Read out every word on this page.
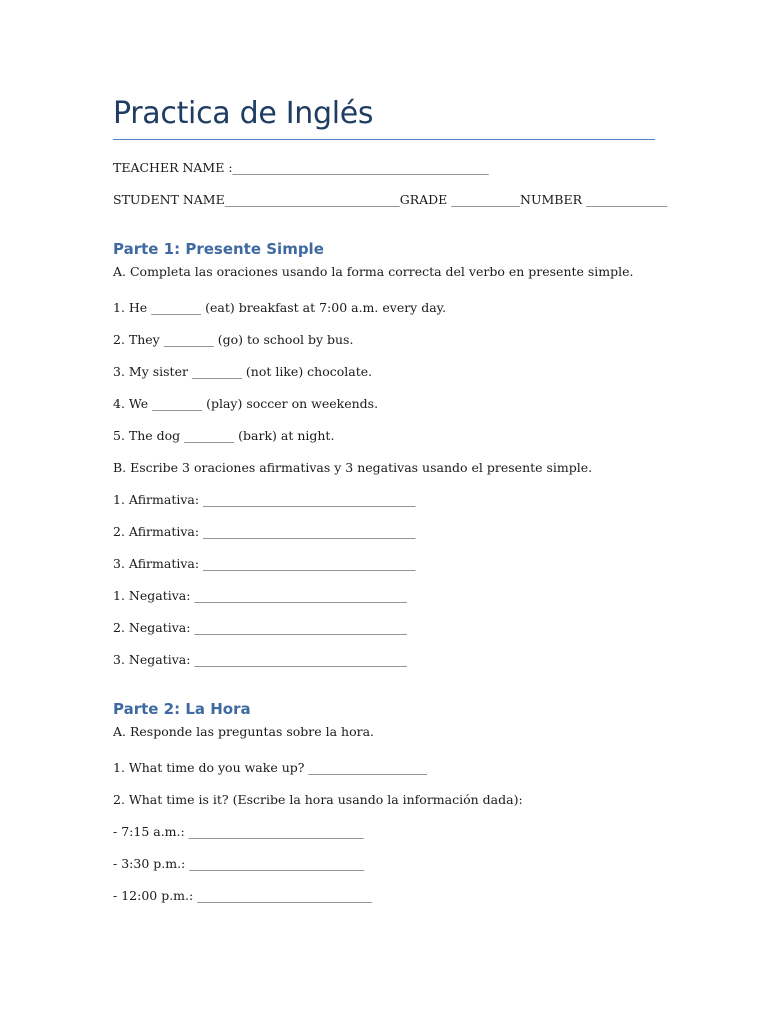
Practica de Inglés
TEACHER NAME :_________________________________________
STUDENT NAME____________________________GRADE ___________NUMBER _____________
Parte 1: Presente Simple
A. Completa las oraciones usando la forma correcta del verbo en presente simple.
1. He ________ (eat) breakfast at 7:00 a.m. every day.
2. They ________ (go) to school by bus.
3. My sister ________ (not like) chocolate.
4. We ________ (play) soccer on weekends.
5. The dog ________ (bark) at night.
B. Escribe 3 oraciones afirmativas y 3 negativas usando el presente simple.
1. Afirmativa: __________________________________
2. Afirmativa: __________________________________
3. Afirmativa: __________________________________
1. Negativa: __________________________________
2. Negativa: __________________________________
3. Negativa: __________________________________
Parte 2: La Hora
A. Responde las preguntas sobre la hora.
1. What time do you wake up? ___________________
2. What time is it? (Escribe la hora usando la información dada):
- 7:15 a.m.: ____________________________
- 3:30 p.m.: ____________________________
- 12:00 p.m.: ____________________________
